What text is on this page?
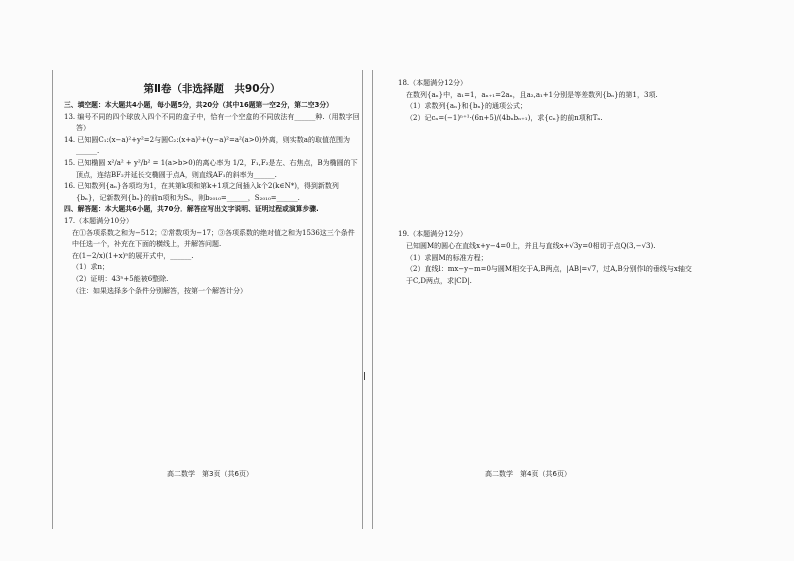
第Ⅱ卷（非选择题　共90分）
三、填空题：本大题共4小题，每小题5分，共20分（其中16题第一空2分，第二空3分）
13. 编号不同的四个球放入四个不同的盒子中，恰有一个空盒的不同放法有______种.（用数字回答）
14. 已知圆C₁:(x−a)²+y²=2与圆C₂:(x+a)²+(y−a)²=a²(a>0)外离，则实数a的取值范围为______.
15. 已知椭圆 x²/a² + y²/b² = 1(a>b>0)的离心率为 1/2，F₁,F₂是左、右焦点，B为椭圆的下顶点，连结BF₂并延长交椭圆于点A，则直线AF₁的斜率为______.
16. 已知数列{aₙ}各项均为1，在其第k项和第k+1项之间插入k个2(k∈N*)，得到新数列{bₙ}，记新数列{bₙ}的前n项和为Sₙ，则b₂₀₁₀=______，S₂₀₁₀=______.
四、解答题：本大题共6小题，共70分．解答应写出文字说明、证明过程或演算步骤.
17.（本题满分10分）
在①各项系数之和为−512；②常数项为−17；③各项系数的绝对值之和为1536这三个条件中任选一个，补充在下面的横线上，并解答问题.
在(1−2/x)(1+x)ⁿ的展开式中，______.
（1）求n；
（2）证明：43ⁿ+5能被6整除.
（注：如果选择多个条件分别解答，按第一个解答计分）
高二数学　第3页（共6页）
18.（本题满分12分）
在数列{aₙ}中，a₁=1，aₙ₊₁=2aₙ，且a₂,a₁+1分别是等差数列{bₙ}的第1，3项.
（1）求数列{aₙ}和{bₙ}的通项公式；
（2）记cₙ=(−1)ⁿ⁺¹·(6n+5)/(4bₙbₙ₊₁)，求{cₙ}的前n项和Tₙ.
19.（本题满分12分）
已知圆M的圆心在直线x+y−4=0上，并且与直线x+√3y=0相切于点Q(3,−√3).
（1）求圆M的标准方程；
（2）直线l：mx−y−m=0与圆M相交于A,B两点，|AB|=√7，过A,B分别作l的垂线与x轴交于C,D两点，求|CD|.
高二数学　第4页（共6页）
